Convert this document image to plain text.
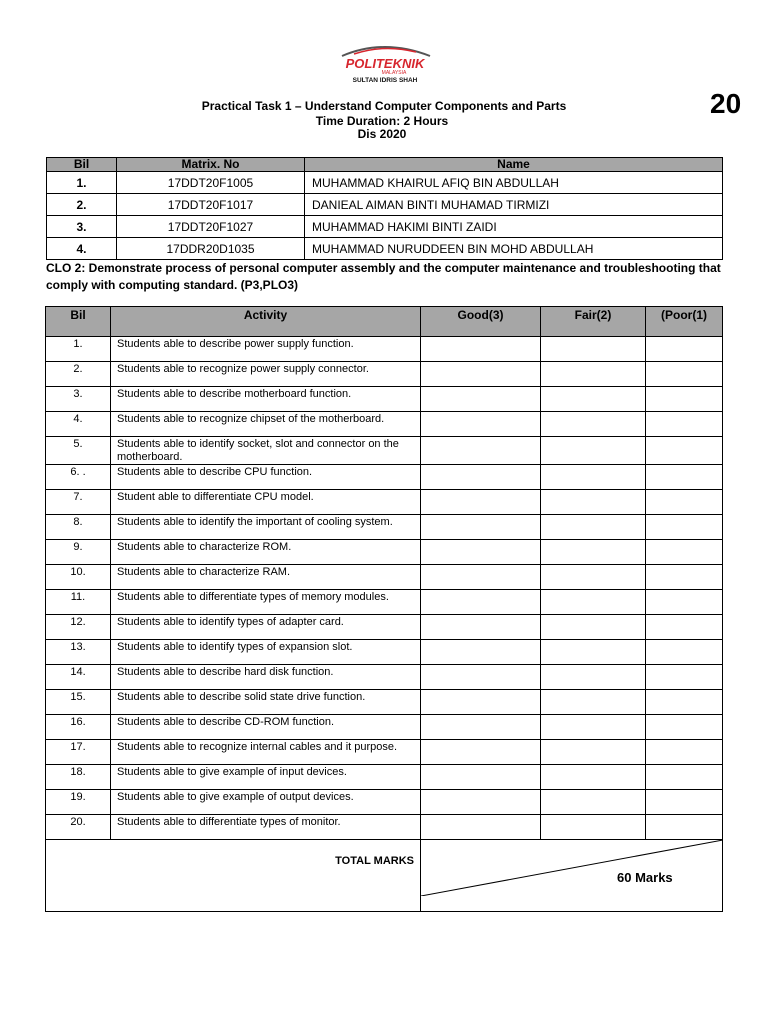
POLITEKNIK
MALAYSIA
SULTAN IDRIS SHAH
20
Practical Task 1 – Understand Computer Components and Parts
Time Duration: 2 Hours
Dis 2020
Bil	Matrix. No	Name
1.	17DDT20F1005	MUHAMMAD KHAIRUL AFIQ BIN ABDULLAH
2.	17DDT20F1017	DANIEAL AIMAN BINTI MUHAMAD TIRMIZI
3.	17DDT20F1027	MUHAMMAD HAKIMI BINTI ZAIDI
4.	17DDR20D1035	MUHAMMAD NURUDDEEN BIN MOHD ABDULLAH
CLO 2: Demonstrate process of personal computer assembly and the computer maintenance and troubleshooting that comply with computing standard. (P3,PLO3)
Bil	Activity	Good(3)	Fair(2)	(Poor(1)
1.	Students able to describe power supply function.			
2.	Students able to recognize power supply connector.			
3.	Students able to describe motherboard function.			
4.	Students able to recognize chipset of the motherboard.			
5.	Students able to identify socket, slot and connector on the motherboard.			
6. .	Students able to describe CPU function.			
7.	Student able to differentiate CPU model.			
8.	Students able to identify the important of cooling system.			
9.	Students able to characterize ROM.			
10.	Students able to characterize RAM.			
11.	Students able to differentiate types of memory modules.			
12.	Students able to identify types of adapter card.			
13.	Students able to identify types of expansion slot.			
14.	Students able to describe hard disk function.			
15.	Students able to describe solid state drive function.			
16.	Students able to describe CD-ROM function.			
17.	Students able to recognize internal cables and it purpose.			
18.	Students able to give example of input devices.			
19.	Students able to give example of output devices.			
20.	Students able to differentiate types of monitor.			
TOTAL MARKS		60 Marks		
